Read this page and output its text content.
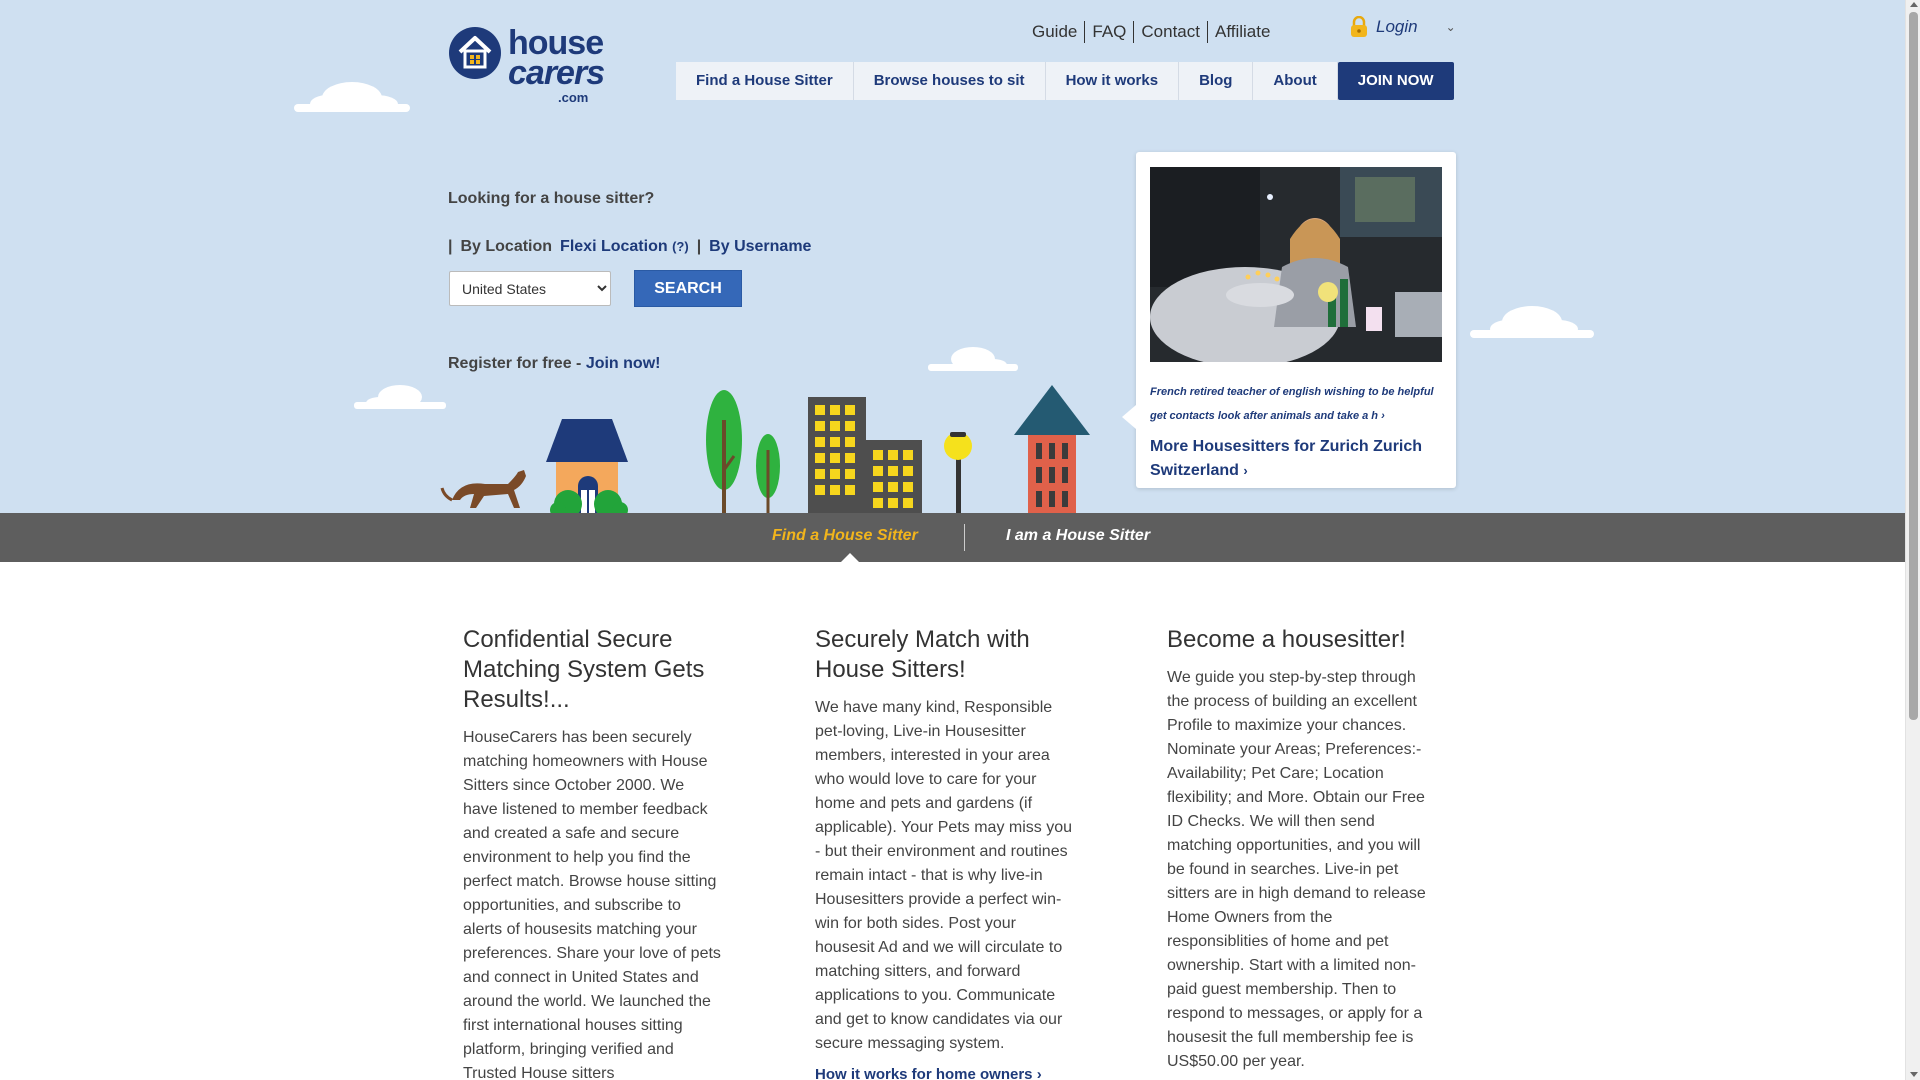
house
carers
.com
Guide FAQ Contact Affiliate	Login ⌄
Find a House Sitter	Browse houses to sit	How it works	Blog	About	JOIN NOW
Looking for a house sitter?
| By Location Flexi Location (?) | By Username
United States
SEARCH
Register for free - Join now!
French retired teacher of english wishing to be helpful get contacts look after animals and take a h ›
More Housesitters for Zurich Zurich Switzerland ›
Find a House Sitter	I am a House Sitter
Confidential Secure Matching System Gets Results!...

HouseCarers has been securely matching homeowners with House Sitters since October 2000. We have listened to member feedback and created a safe and secure environment to help you find the perfect match. Browse house sitting opportunities, and subscribe to alerts of housesits matching your preferences. Share your love of pets and connect in United States and around the world. We launched the first international houses sitting platform, bringing verified and Trusted House sitters

Securely Match with House Sitters!

We have many kind, Responsible pet-loving, Live-in Housesitter members, interested in your area who would love to care for your home and pets and gardens (if applicable). Your Pets may miss you - but their environment and routines remain intact - that is why live-in Housesitters provide a perfect win-win for both sides. Post your housesit Ad and we will circulate to matching sitters, and forward applications to you. Communicate and get to know candidates via our secure messaging system.

How it works for home owners ›
Become a housesitter!

We guide you step-by-step through the process of building an excellent Profile to maximize your chances. Nominate your Areas; Preferences:- Availability; Pet Care; Location flexibility; and More. Obtain our Free ID Checks. We will then send matching opportunities, and you will be found in searches. Live-in pet sitters are in high demand to release Home Owners from the responsiblities of home and pet ownership. Start with a limited non-paid guest membership. Then to respond to messages, or apply for a housesit the full membership fee is US$50.00 per year.
